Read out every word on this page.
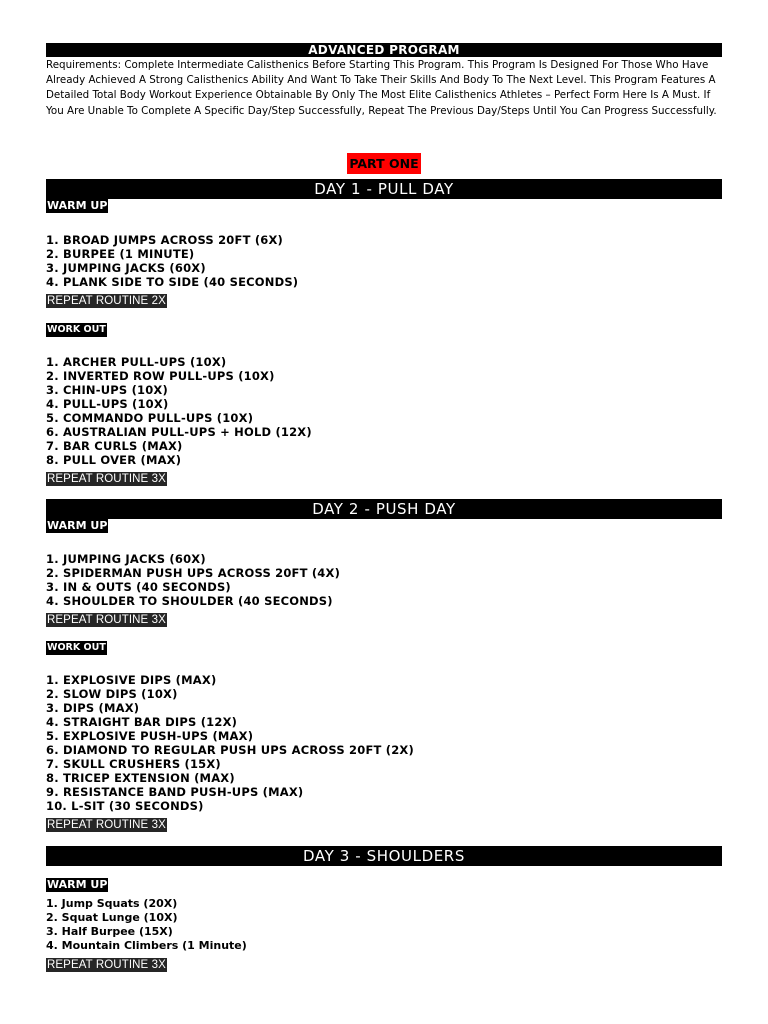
ADVANCED PROGRAM

Requirements: Complete Intermediate Calisthenics Before Starting This Program. This Program Is Designed For Those Who Have Already Achieved A Strong Calisthenics Ability And Want To Take Their Skills And Body To The Next Level. This Program Features A Detailed Total Body Workout Experience Obtainable By Only The Most Elite Calisthenics Athletes – Perfect Form Here Is A Must. If You Are Unable To Complete A Specific Day/Step Successfully, Repeat The Previous Day/Steps Until You Can Progress Successfully.

PART ONE
DAY 1 - PULL DAY
WARM UP
1. BROAD JUMPS ACROSS 20FT (6X)
2. BURPEE (1 MINUTE)
3. JUMPING JACKS (60X)
4. PLANK SIDE TO SIDE (40 SECONDS)
REPEAT ROUTINE 2X
WORK OUT
1. ARCHER PULL-UPS (10X)
2. INVERTED ROW PULL-UPS (10X)
3. CHIN-UPS (10X)
4. PULL-UPS (10X)
5. COMMANDO PULL-UPS (10X)
6. AUSTRALIAN PULL-UPS + HOLD (12X)
7. BAR CURLS (MAX)
8. PULL OVER (MAX)
REPEAT ROUTINE 3X
DAY 2 - PUSH DAY
WARM UP
1. JUMPING JACKS (60X)
2. SPIDERMAN PUSH UPS ACROSS 20FT (4X)
3. IN & OUTS (40 SECONDS)
4. SHOULDER TO SHOULDER (40 SECONDS)
REPEAT ROUTINE 3X
WORK OUT
1. EXPLOSIVE DIPS (MAX)
2. SLOW DIPS (10X)
3. DIPS (MAX)
4. STRAIGHT BAR DIPS (12X)
5. EXPLOSIVE PUSH-UPS (MAX)
6. DIAMOND TO REGULAR PUSH UPS ACROSS 20FT (2X)
7. SKULL CRUSHERS (15X)
8. TRICEP EXTENSION (MAX)
9. RESISTANCE BAND PUSH-UPS (MAX)
10. L-SIT (30 SECONDS)
REPEAT ROUTINE 3X
DAY 3 - SHOULDERS
WARM UP
1. Jump Squats (20X)
2. Squat Lunge (10X)
3. Half Burpee (15X)
4. Mountain Climbers (1 Minute)
REPEAT ROUTINE 3X
